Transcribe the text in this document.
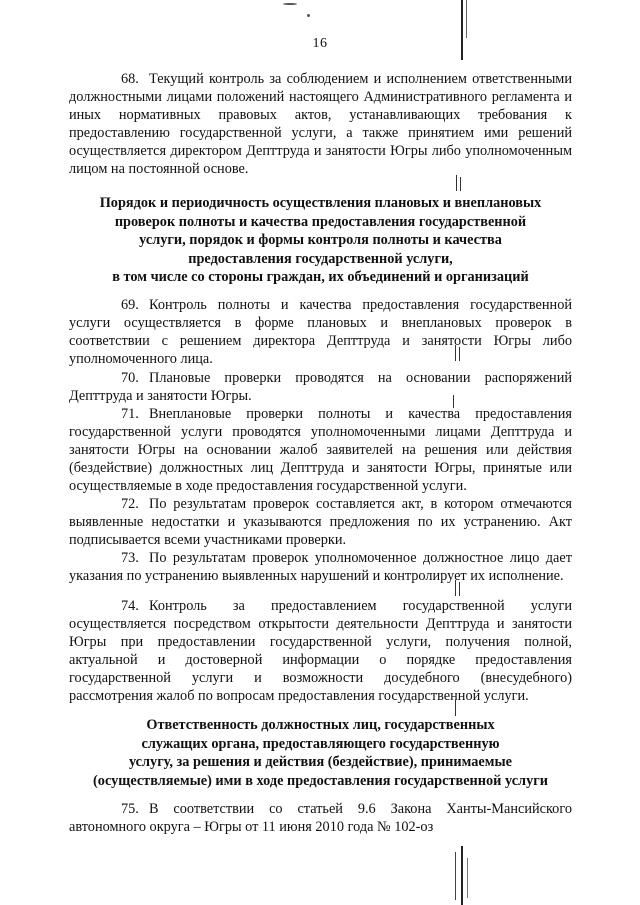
16
68 . Текущий контроль за соблюдением и исполнением ответственными должностными лицами положений настоящего Административного регламента и иных нормативных правовых актов, устанавливающих требования к предоставлению государственной услуги, а также принятием ими решений осуществляется директором Депттруда и занятости Югры либо уполномоченным лицом на постоянной основе.
Порядок и периодичность осуществления плановых и внеплановых
проверок полноты и качества предоставления государственной
услуги, порядок и формы контроля полноты и качества
предоставления государственной услуги,
в том числе со стороны граждан, их объединений и организаций
69 . Контроль полноты и качества предоставления государственной услуги осуществляется в форме плановых и внеплановых проверок в соответствии с решением директора Депттруда и занятости Югры либо уполномоченного лица.
70 . Плановые проверки проводятся на основании распоряжений Депттруда и занятости Югры.
71 . Внеплановые проверки полноты и качества предоставления государственной услуги проводятся уполномоченными лицами Депттруда и занятости Югры на основании жалоб заявителей на решения или действия (бездействие) должностных лиц Депттруда и занятости Югры, принятые или осуществляемые в ходе предоставления государственной услуги.
72 . По результатам проверок составляется акт, в котором отмечаются выявленные недостатки и указываются предложения по их устранению. Акт подписывается всеми участниками проверки.
73 . По результатам проверок уполномоченное должностное лицо дает указания по устранению выявленных нарушений и контролирует их исполнение.
74 . Контроль за предоставлением государственной услуги осуществляется посредством открытости деятельности Депттруда и занятости Югры при предоставлении государственной услуги, получения полной, актуальной и достоверной информации о порядке предоставления государственной услуги и возможности досудебного (внесудебного) рассмотрения жалоб по вопросам предоставления государственной услуги.
Ответственность должностных лиц, государственных
служащих органа, предоставляющего государственную
услугу, за решения и действия (бездействие), принимаемые
(осуществляемые) ими в ходе предоставления государственной услуги
75 . В соответствии со статьей 9.6 Закона Ханты-Мансийского автономного округа – Югры от 11 июня 2010 года № 102-оз
